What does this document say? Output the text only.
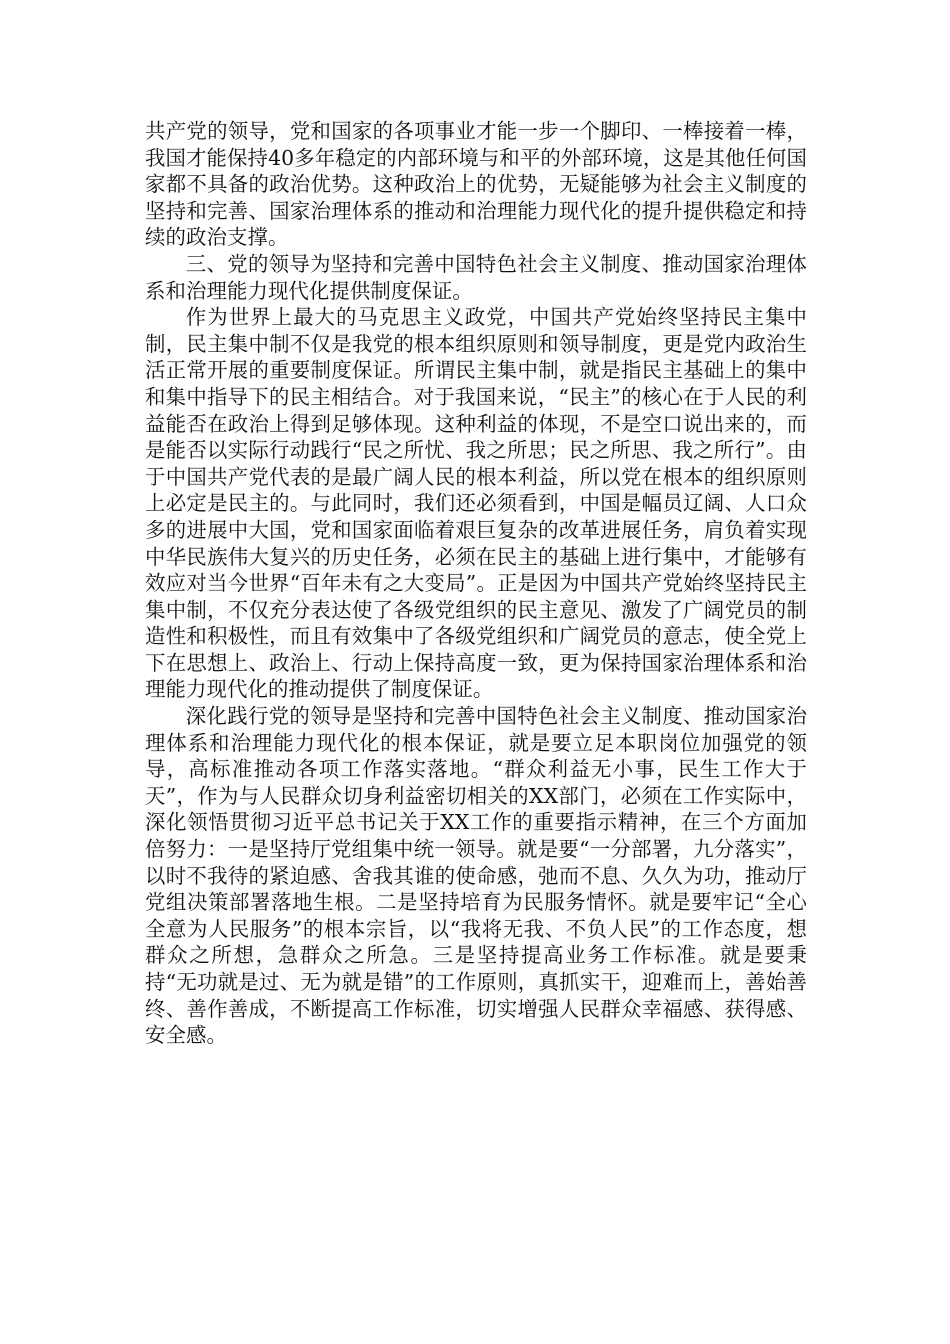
共产党的领导，党和国家的各项事业才能一步一个脚印、一棒接着一棒，我国才能保持40多年稳定的内部环境与和平的外部环境，这是其他任何国家都不具备的政治优势。这种政治上的优势，无疑能够为社会主义制度的坚持和完善、国家治理体系的推动和治理能力现代化的提升提供稳定和持续的政治支撑。

三、党的领导为坚持和完善中国特色社会主义制度、推动国家治理体系和治理能力现代化提供制度保证。

作为世界上最大的马克思主义政党，中国共产党始终坚持民主集中制，民主集中制不仅是我党的根本组织原则和领导制度，更是党内政治生活正常开展的重要制度保证。所谓民主集中制，就是指民主基础上的集中和集中指导下的民主相结合。对于我国来说，“民主”的核心在于人民的利益能否在政治上得到足够体现。这种利益的体现，不是空口说出来的，而是能否以实际行动践行“民之所忧、我之所思；民之所思、我之所行”。由于中国共产党代表的是最广阔人民的根本利益，所以党在根本的组织原则上必定是民主的。与此同时，我们还必须看到，中国是幅员辽阔、人口众多的进展中大国，党和国家面临着艰巨复杂的改革进展任务，肩负着实现中华民族伟大复兴的历史任务，必须在民主的基础上进行集中，才能够有效应对当今世界“百年未有之大变局”。正是因为中国共产党始终坚持民主集中制，不仅充分表达使了各级党组织的民主意见、激发了广阔党员的制造性和积极性，而且有效集中了各级党组织和广阔党员的意志，使全党上下在思想上、政治上、行动上保持高度一致，更为保持国家治理体系和治理能力现代化的推动提供了制度保证。

深化践行党的领导是坚持和完善中国特色社会主义制度、推动国家治理体系和治理能力现代化的根本保证，就是要立足本职岗位加强党的领导，高标准推动各项工作落实落地。“群众利益无小事，民生工作大于天”，作为与人民群众切身利益密切相关的XX部门，必须在工作实际中，深化领悟贯彻习近平总书记关于XX工作的重要指示精神，在三个方面加倍努力：一是坚持厅党组集中统一领导。就是要“一分部署，九分落实”，以时不我待的紧迫感、舍我其谁的使命感，弛而不息、久久为功，推动厅党组决策部署落地生根。二是坚持培育为民服务情怀。就是要牢记“全心全意为人民服务”的根本宗旨，以“我将无我、不负人民”的工作态度，想群众之所想，急群众之所急。三是坚持提高业务工作标准。就是要秉持“无功就是过、无为就是错”的工作原则，真抓实干，迎难而上，善始善终、善作善成，不断提高工作标准，切实增强人民群众幸福感、获得感、安全感。
